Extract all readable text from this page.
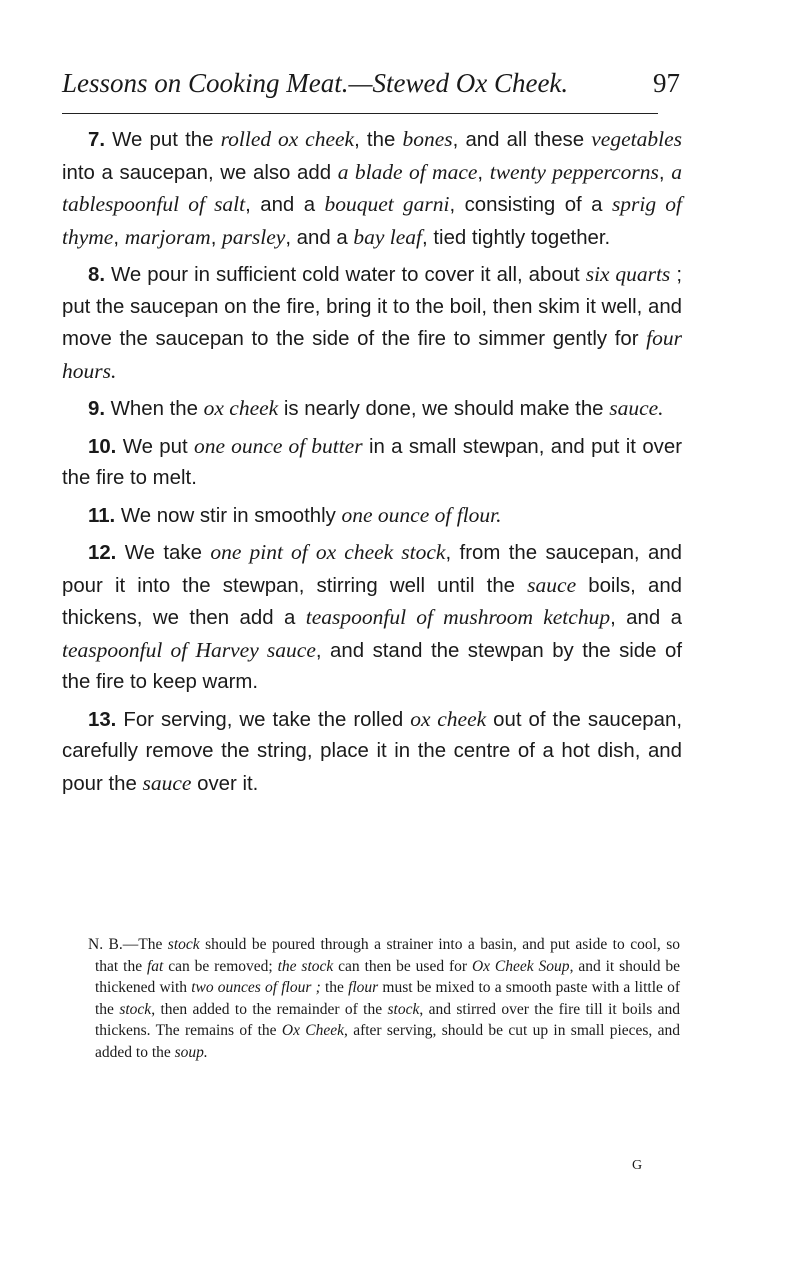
Lessons on Cooking Meat.—Stewed Ox Cheek.	97

7. We put the rolled ox cheek, the bones, and all these vegetables into a saucepan, we also add a blade of mace, twenty peppercorns, a tablespoonful of salt, and a bouquet garni, consisting of a sprig of thyme, marjoram, parsley, and a bay leaf, tied tightly together.

8. We pour in sufficient cold water to cover it all, about six quarts ; put the saucepan on the fire, bring it to the boil, then skim it well, and move the saucepan to the side of the fire to simmer gently for four hours.

9. When the ox cheek is nearly done, we should make the sauce.

10. We put one ounce of butter in a small stewpan, and put it over the fire to melt.

11. We now stir in smoothly one ounce of flour.

12. We take one pint of ox cheek stock, from the saucepan, and pour it into the stewpan, stirring well until the sauce boils, and thickens, we then add a teaspoonful of mushroom ketchup, and a teaspoonful of Harvey sauce, and stand the stewpan by the side of the fire to keep warm.

13. For serving, we take the rolled ox cheek out of the saucepan, carefully remove the string, place it in the centre of a hot dish, and pour the sauce over it.

N. B.—The stock should be poured through a strainer into a basin, and put aside to cool, so that the fat can be removed; the stock can then be used for Ox Cheek Soup, and it should be thickened with two ounces of flour ; the flour must be mixed to a smooth paste with a little of the stock, then added to the remainder of the stock, and stirred over the fire till it boils and thickens. The remains of the Ox Cheek, after serving, should be cut up in small pieces, and added to the soup.

G
